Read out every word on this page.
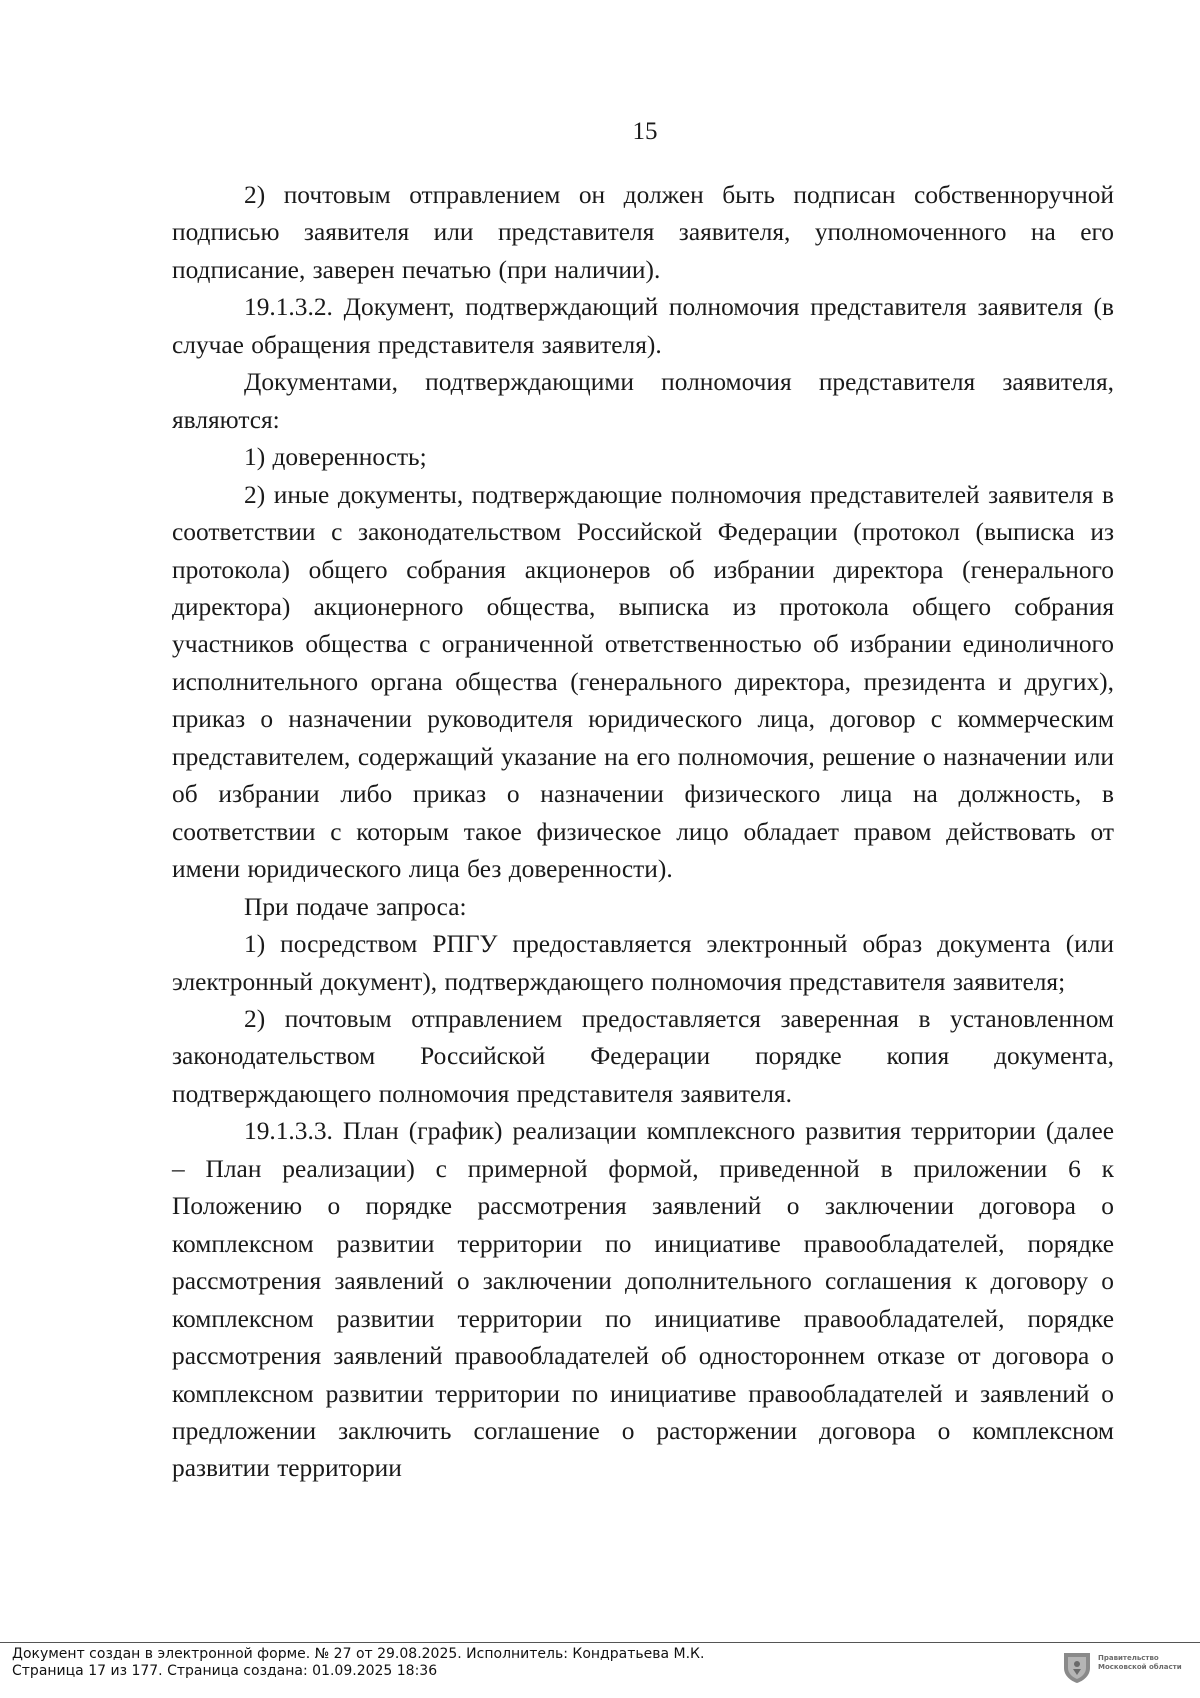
15

2) почтовым отправлением он должен быть подписан собственноручной подписью заявителя или представителя заявителя, уполномоченного на его подписание, заверен печатью (при наличии).

19.1.3.2. Документ, подтверждающий полномочия представителя заявителя (в случае обращения представителя заявителя).

Документами, подтверждающими полномочия представителя заявителя, являются:

1) доверенность;

2) иные документы, подтверждающие полномочия представителей заявителя в соответствии с законодательством Российской Федерации (протокол (выписка из протокола) общего собрания акционеров об избрании директора (генерального директора) акционерного общества, выписка из протокола общего собрания участников общества с ограниченной ответственностью об избрании единоличного исполнительного органа общества (генерального директора, президента и других), приказ о назначении руководителя юридического лица, договор с коммерческим представителем, содержащий указание на его полномочия, решение о назначении или об избрании либо приказ о назначении физического лица на должность, в соответствии с которым такое физическое лицо обладает правом действовать от имени юридического лица без доверенности).

При подаче запроса:

1) посредством РПГУ предоставляется электронный образ документа (или электронный документ), подтверждающего полномочия представителя заявителя;

2) почтовым отправлением предоставляется заверенная в установленном законодательством Российской Федерации порядке копия документа, подтверждающего полномочия представителя заявителя.

19.1.3.3. План (график) реализации комплексного развития территории (далее – План реализации) с примерной формой, приведенной в приложении 6 к Положению о порядке рассмотрения заявлений о заключении договора о комплексном развитии территории по инициативе правообладателей, порядке рассмотрения заявлений о заключении дополнительного соглашения к договору о комплексном развитии территории по инициативе правообладателей, порядке рассмотрения заявлений правообладателей об одностороннем отказе от договора о комплексном развитии территории по инициативе правообладателей и заявлений о предложении заключить соглашение о расторжении договора о комплексном развитии территории

Документ создан в электронной форме. № 27 от 29.08.2025. Исполнитель: Кондратьева М.К.
Страница 17 из 177. Страница создана: 01.09.2025 18:36
Правительство
Московской области
